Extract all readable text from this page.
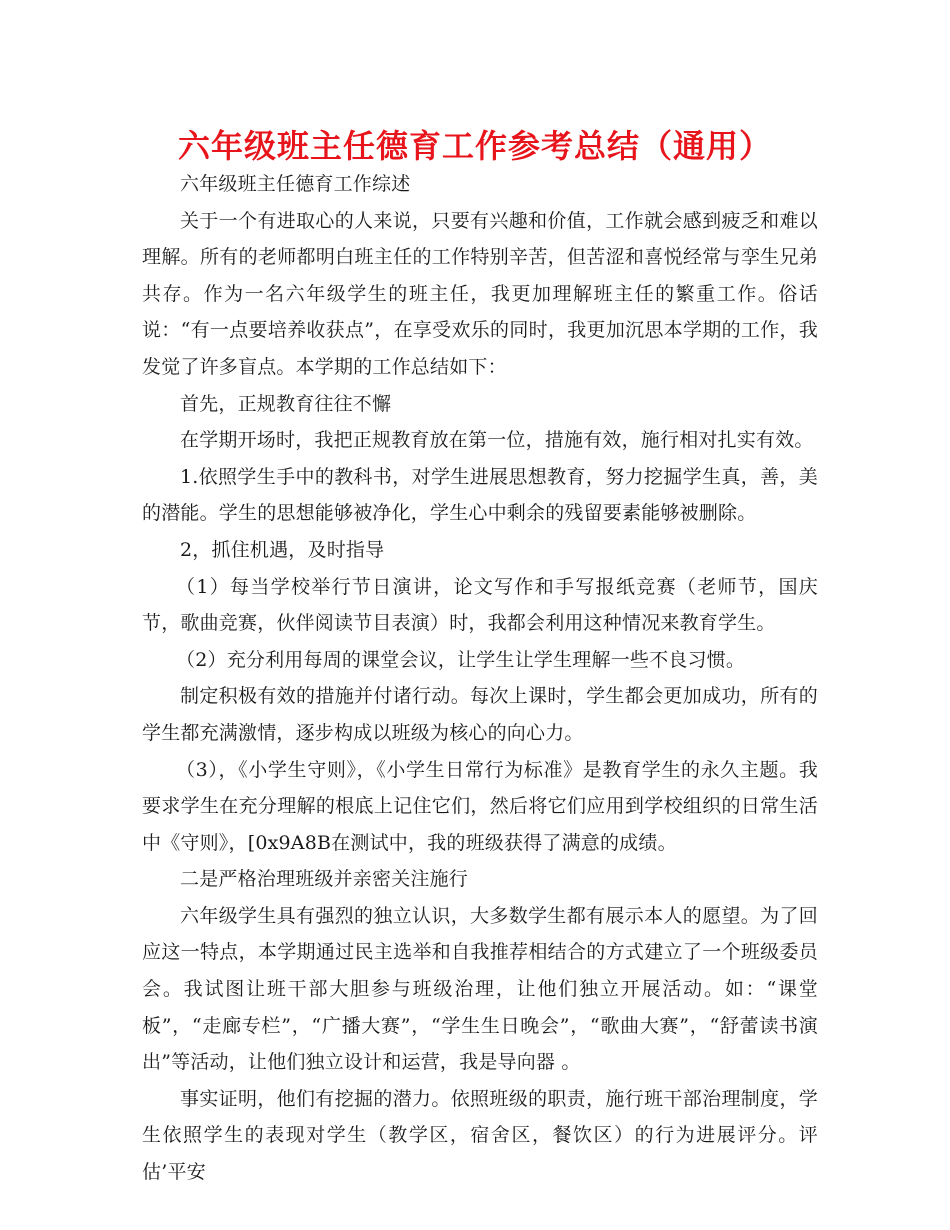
六年级班主任德育工作参考总结（通用）

六年级班主任德育工作综述

关于一个有进取心的人来说，只要有兴趣和价值，工作就会感到疲乏和难以理解。所有的老师都明白班主任的工作特别辛苦，但苦涩和喜悦经常与孪生兄弟共存。作为一名六年级学生的班主任，我更加理解班主任的繁重工作。俗话说：“有一点要培养收获点”，在享受欢乐的同时，我更加沉思本学期的工作，我发觉了许多盲点。本学期的工作总结如下：

首先，正规教育往往不懈

在学期开场时，我把正规教育放在第一位，措施有效，施行相对扎实有效。

1.依照学生手中的教科书，对学生进展思想教育，努力挖掘学生真，善，美的潜能。学生的思想能够被净化，学生心中剩余的残留要素能够被删除。

2，抓住机遇，及时指导

（1）每当学校举行节日演讲，论文写作和手写报纸竞赛（老师节，国庆节，歌曲竞赛，伙伴阅读节目表演）时，我都会利用这种情况来教育学生。

（2）充分利用每周的课堂会议，让学生让学生理解一些不良习惯。

制定积极有效的措施并付诸行动。每次上课时，学生都会更加成功，所有的学生都充满激情，逐步构成以班级为核心的向心力。

（3），《小学生守则》，《小学生日常行为标准》是教育学生的永久主题。我要求学生在充分理解的根底上记住它们，然后将它们应用到学校组织的日常生活中《守则》，[0x9A8B在测试中，我的班级获得了满意的成绩。

二是严格治理班级并亲密关注施行

六年级学生具有强烈的独立认识，大多数学生都有展示本人的愿望。为了回应这一特点，本学期通过民主选举和自我推荐相结合的方式建立了一个班级委员会。我试图让班干部大胆参与班级治理，让他们独立开展活动。如：“课堂板”，“走廊专栏”，“广播大赛”，“学生生日晚会”，“歌曲大赛”，“舒蕾读书演出”等活动，让他们独立设计和运营，我是导向器 。

事实证明，他们有挖掘的潜力。依照班级的职责，施行班干部治理制度，学生依照学生的表现对学生（教学区，宿舍区，餐饮区）的行为进展评分。评估’平安
